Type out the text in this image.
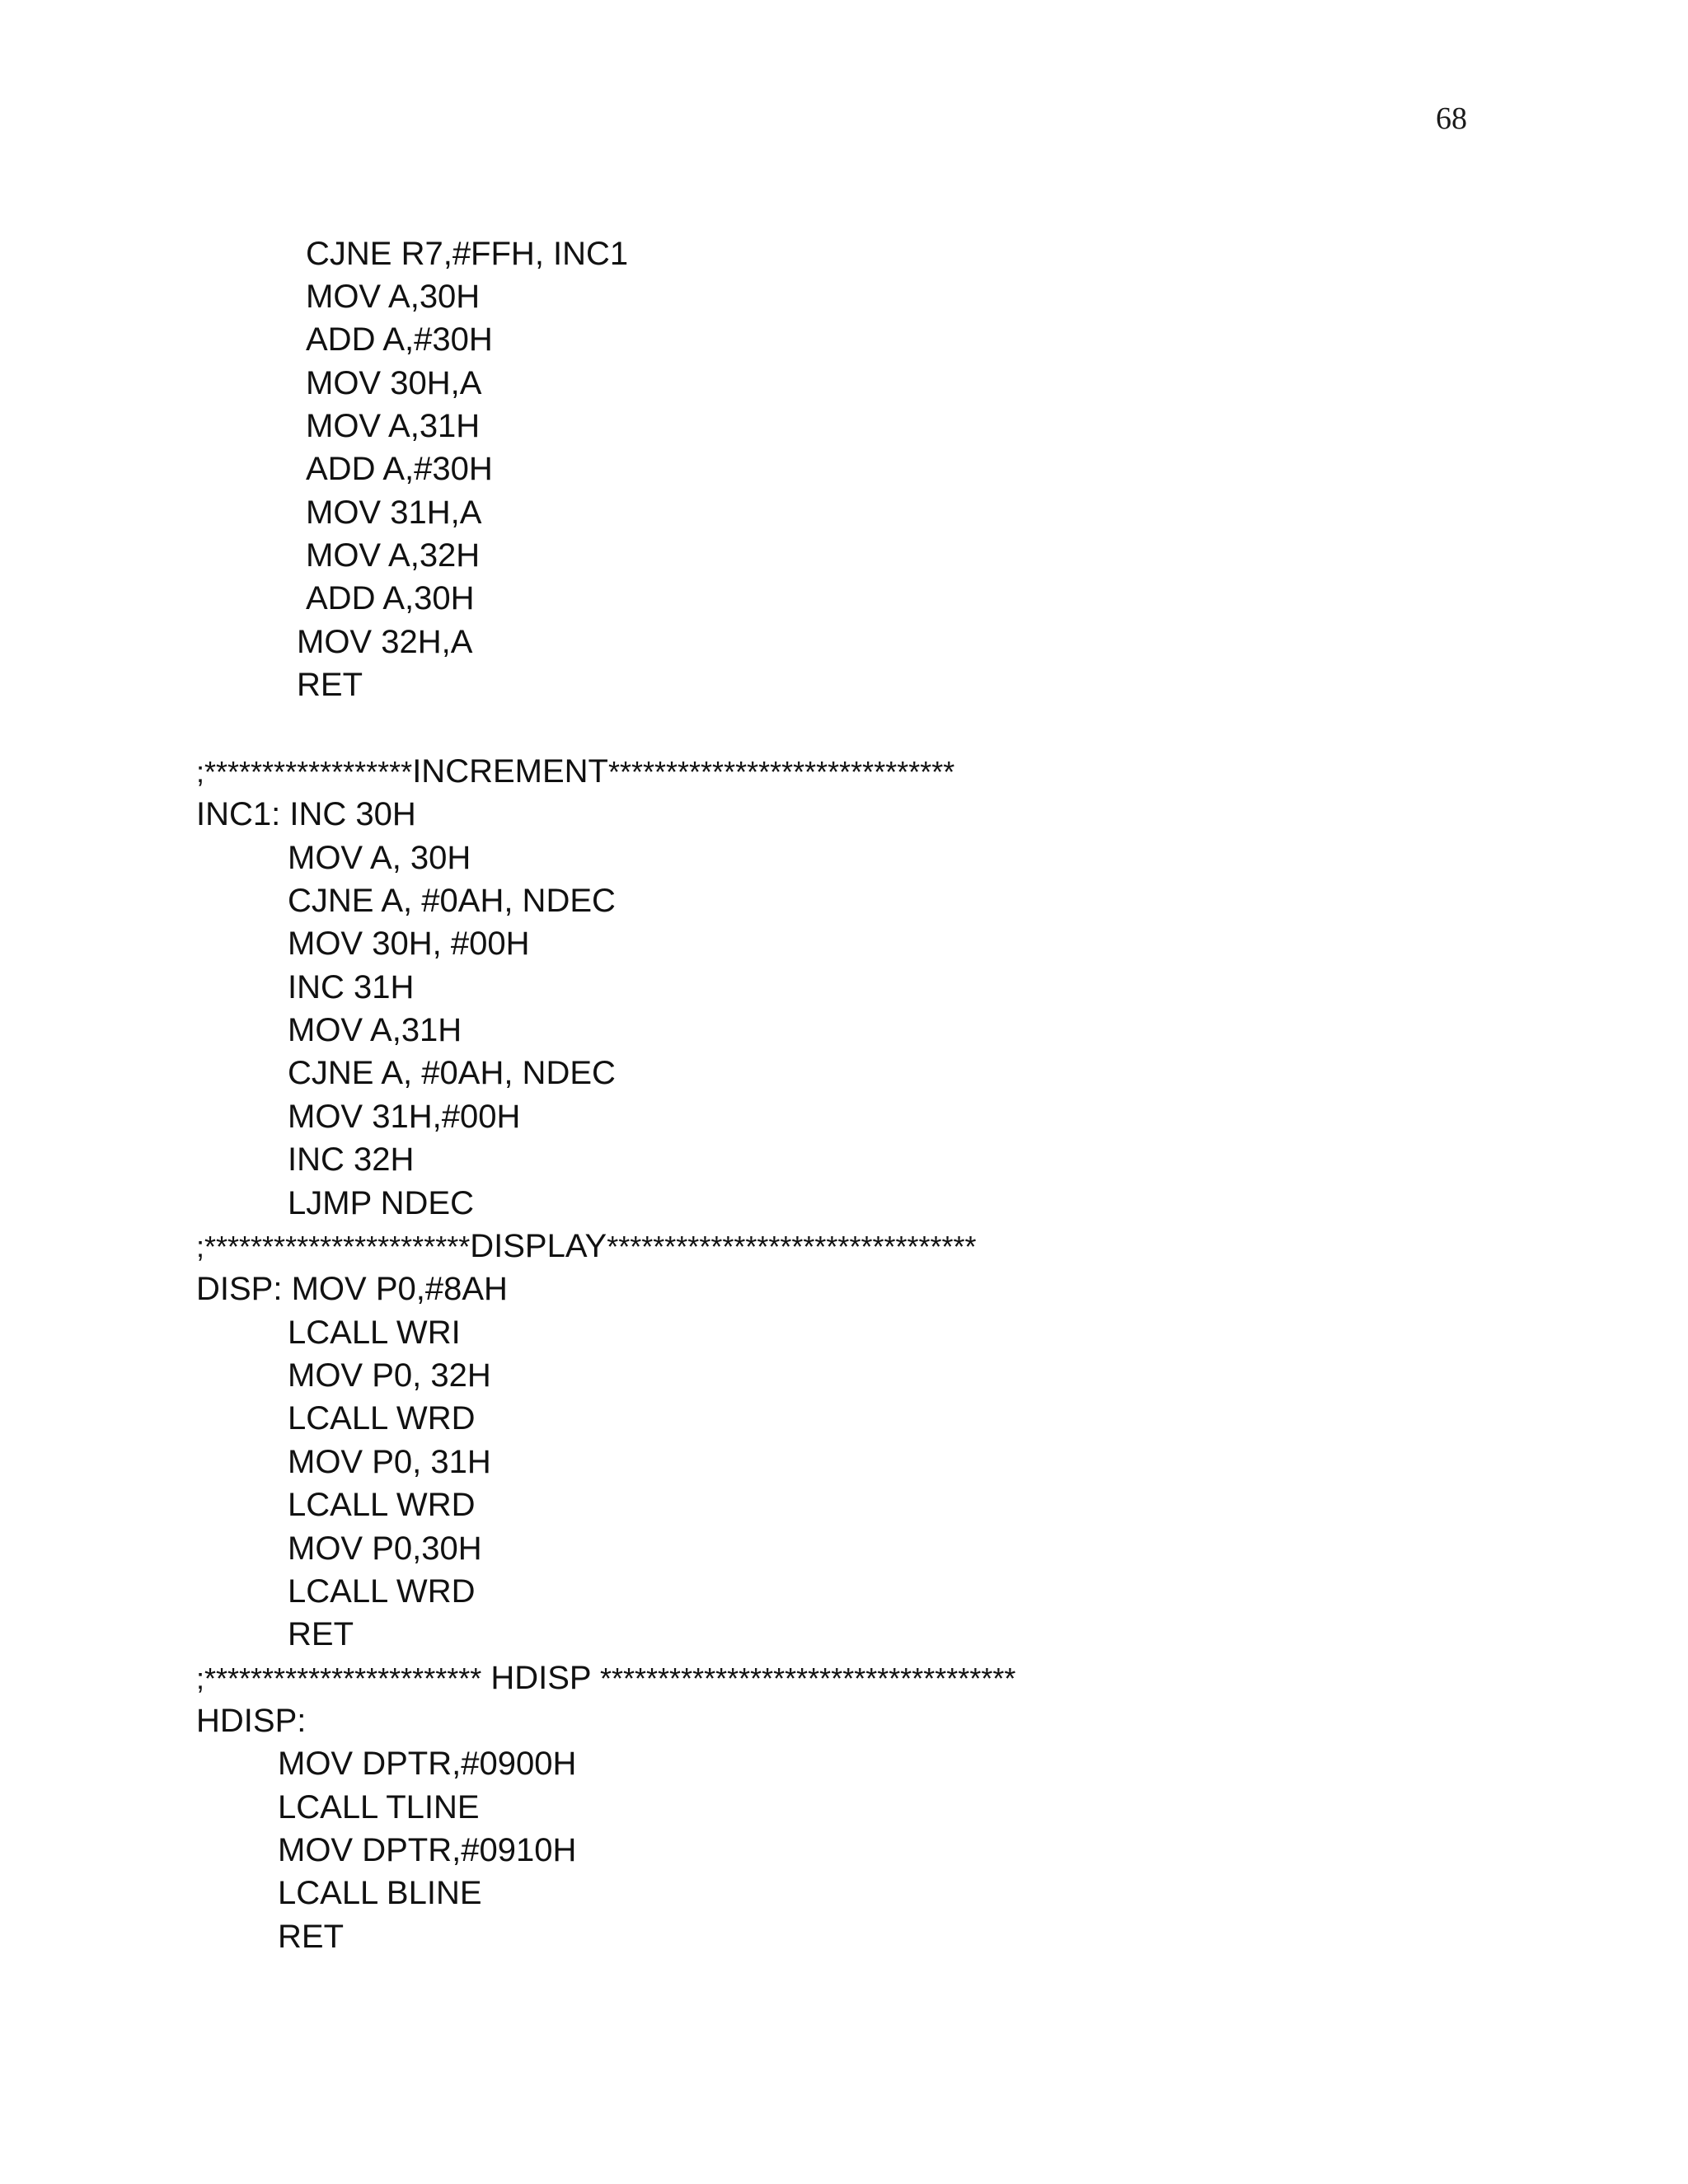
68
CJNE R7,#FFH, INC1
MOV A,30H
ADD A,#30H
MOV 30H,A
MOV A,31H
ADD A,#30H
MOV 31H,A
MOV A,32H
ADD A,30H
MOV 32H,A
RET
;******************INCREMENT******************************
INC1: INC 30H
MOV A, 30H
CJNE A, #0AH, NDEC
MOV 30H, #00H
INC 31H
MOV A,31H
CJNE A, #0AH, NDEC
MOV 31H,#00H
INC 32H
LJMP NDEC
;***********************DISPLAY********************************
DISP: MOV P0,#8AH
LCALL WRI
MOV P0, 32H
LCALL WRD
MOV P0, 31H
LCALL WRD
MOV P0,30H
LCALL WRD
RET
;************************ HDISP ************************************
HDISP:
MOV DPTR,#0900H
LCALL TLINE
MOV DPTR,#0910H
LCALL BLINE
RET
